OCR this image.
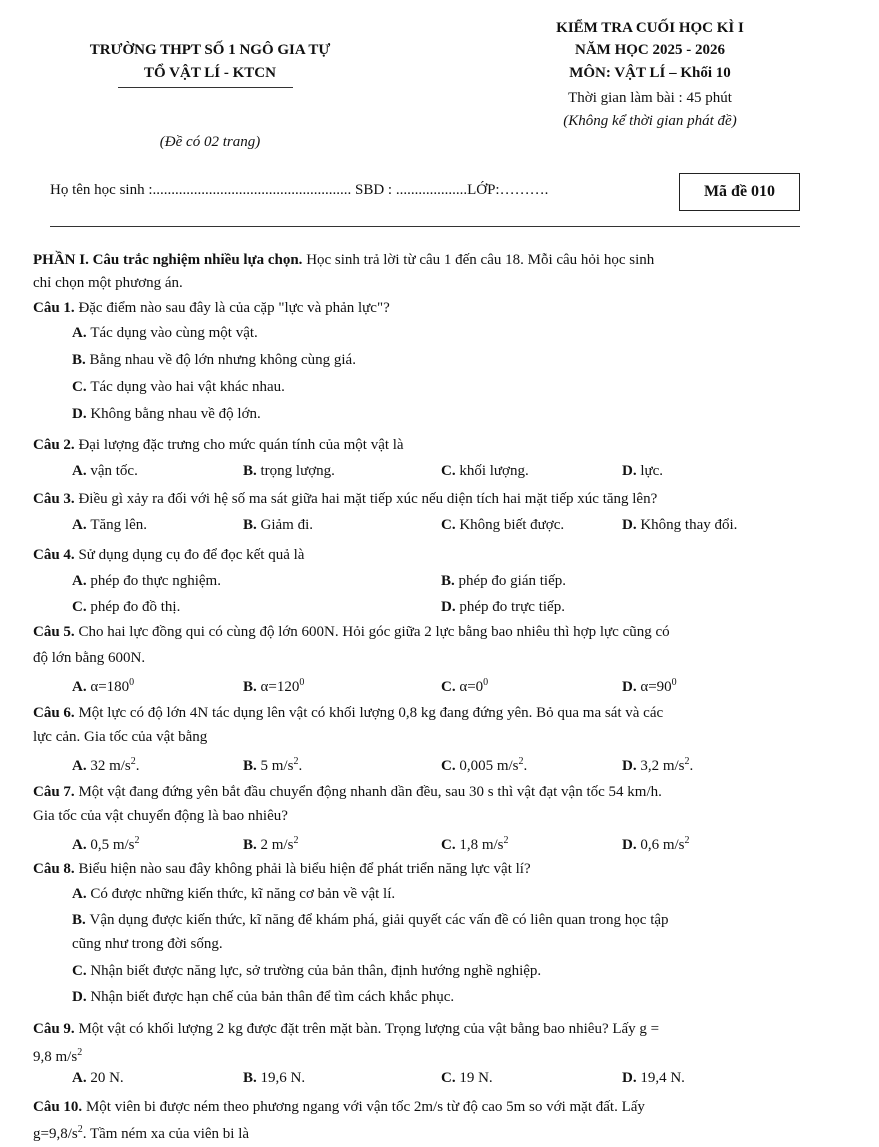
TRƯỜNG THPT SỐ 1 NGÔ GIA TỰ
TỔ VẬT LÍ - KTCN
(Đề có 02 trang)
KIỂM TRA CUỐI HỌC KÌ I
NĂM HỌC 2025 - 2026
MÔN: VẬT LÍ – Khối 10
Thời gian làm bài : 45 phút
(Không kể thời gian phát đề)
Họ tên học sinh :..................................................... SBD : ...................LỚP:……….	Mã đề 010
PHẦN I. Câu trắc nghiệm nhiều lựa chọn. Học sinh trả lời từ câu 1 đến câu 18. Mỗi câu hỏi học sinh
chỉ chọn một phương án.
Câu 1. Đặc điểm nào sau đây là của cặp "lực và phản lực"?
A. Tác dụng vào cùng một vật.
B. Bằng nhau về độ lớn nhưng không cùng giá.
C. Tác dụng vào hai vật khác nhau.
D. Không bằng nhau về độ lớn.
Câu 2. Đại lượng đặc trưng cho mức quán tính của một vật là
A. vận tốc.	B. trọng lượng.	C. khối lượng.	D. lực.
Câu 3. Điều gì xảy ra đối với hệ số ma sát giữa hai mặt tiếp xúc nếu diện tích hai mặt tiếp xúc tăng lên?
A. Tăng lên.	B. Giảm đi.	C. Không biết được.	D. Không thay đổi.
Câu 4. Sử dụng dụng cụ đo để đọc kết quả là
A. phép đo thực nghiệm.	B. phép đo gián tiếp.
C. phép đo đồ thị.	D. phép đo trực tiếp.
Câu 5. Cho hai lực đồng qui có cùng độ lớn 600N. Hỏi góc giữa 2 lực bằng bao nhiêu thì hợp lực cũng có
độ lớn bằng 600N.
A. $\alpha=180^0$	B. $\alpha=120^0$	C. $\alpha=0^0$	D. $\alpha=90^0$
Câu 6. Một lực có độ lớn 4N tác dụng lên vật có khối lượng 0,8 kg đang đứng yên. Bỏ qua ma sát và các
lực cản. Gia tốc của vật bằng
A. 32 $m/s^2$.	B. 5 $m/s^2$.	C. 0,005 $m/s^2$.	D. 3,2 $m/s^2$.
Câu 7. Một vật đang đứng yên bắt đầu chuyển động nhanh dần đều, sau 30 s thì vật đạt vận tốc 54 km/h.
Gia tốc của vật chuyển động là bao nhiêu?
A. 0,5 $m/s^2$	B. 2 $m/s^2$	C. 1,8 $m/s^2$	D. 0,6 $m/s^2$
Câu 8. Biểu hiện nào sau đây không phải là biểu hiện để phát triển năng lực vật lí?
A. Có được những kiến thức, kĩ năng cơ bản về vật lí.
B. Vận dụng được kiến thức, kĩ năng để khám phá, giải quyết các vấn đề có liên quan trong học tập
cũng như trong đời sống.
C. Nhận biết được năng lực, sở trường của bản thân, định hướng nghề nghiệp.
D. Nhận biết được hạn chế của bản thân để tìm cách khắc phục.
Câu 9. Một vật có khối lượng 2 kg được đặt trên mặt bàn. Trọng lượng của vật bằng bao nhiêu? Lấy g =
9,8 $m/s^2$
A. 20 N.	B. 19,6 N.	C. 19 N.	D. 19,4 N.
Câu 10. Một viên bi được ném theo phương ngang với vận tốc 2m/s từ độ cao 5m so với mặt đất. Lấy
$g=9,8/s^2$. Tầm ném xa của viên bi là
